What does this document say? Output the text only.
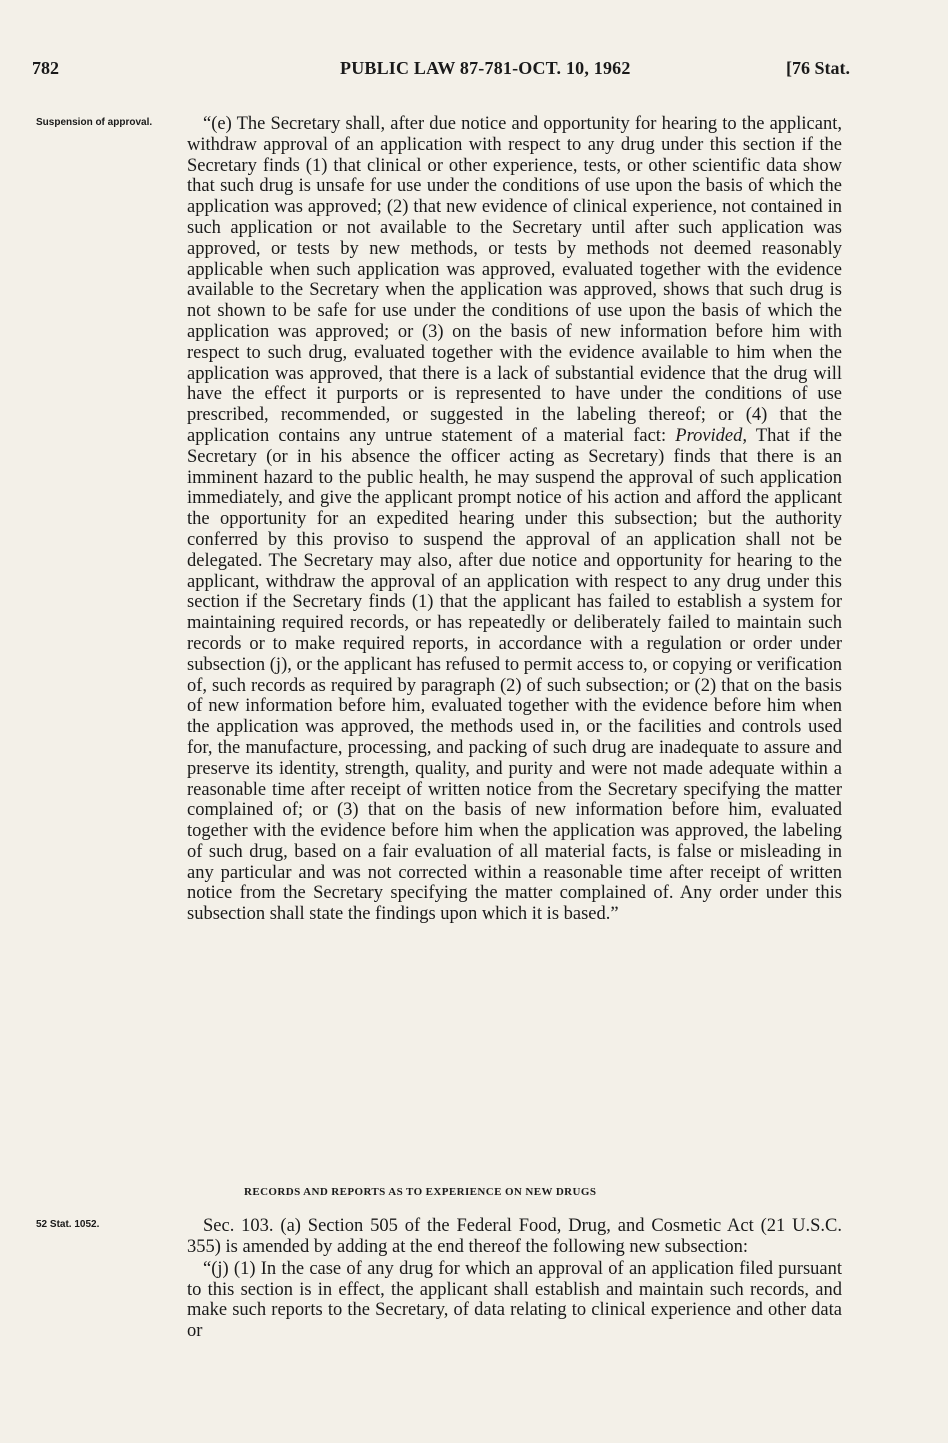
782	PUBLIC LAW 87-781-OCT. 10, 1962	[76 Stat.
Suspension of approval.	“(e) The Secretary shall, after due notice and opportunity for hearing to the applicant, withdraw approval of an application with respect to any drug under this section if the Secretary finds (1) that clinical or other experience, tests, or other scientific data show that such drug is unsafe for use under the conditions of use upon the basis of which the application was approved; (2) that new evidence of clinical experience, not contained in such application or not available to the Secretary until after such application was approved, or tests by new methods, or tests by methods not deemed reasonably applicable when such application was approved, evaluated together with the evidence available to the Secretary when the application was approved, shows that such drug is not shown to be safe for use under the conditions of use upon the basis of which the application was approved; or (3) on the basis of new information before him with respect to such drug, evaluated together with the evidence available to him when the application was approved, that there is a lack of substantial evidence that the drug will have the effect it purports or is represented to have under the conditions of use prescribed, recommended, or suggested in the labeling thereof; or (4) that the application contains any untrue statement of a material fact: Provided, That if the Secretary (or in his absence the officer acting as Secretary) finds that there is an imminent hazard to the public health, he may suspend the approval of such application immediately, and give the applicant prompt notice of his action and afford the applicant the opportunity for an expedited hearing under this subsection; but the authority conferred by this proviso to suspend the approval of an application shall not be delegated. The Secretary may also, after due notice and opportunity for hearing to the applicant, withdraw the approval of an application with respect to any drug under this section if the Secretary finds (1) that the applicant has failed to establish a system for maintaining required records, or has repeatedly or deliberately failed to maintain such records or to make required reports, in accordance with a regulation or order under subsection (j), or the applicant has refused to permit access to, or copying or verification of, such records as required by paragraph (2) of such subsection; or (2) that on the basis of new information before him, evaluated together with the evidence before him when the application was approved, the methods used in, or the facilities and controls used for, the manufacture, processing, and packing of such drug are inadequate to assure and preserve its identity, strength, quality, and purity and were not made adequate within a reasonable time after receipt of written notice from the Secretary specifying the matter complained of; or (3) that on the basis of new information before him, evaluated together with the evidence before him when the application was approved, the labeling of such drug, based on a fair evaluation of all material facts, is false or misleading in any particular and was not corrected within a reasonable time after receipt of written notice from the Secretary specifying the matter complained of. Any order under this subsection shall state the findings upon which it is based.”

RECORDS AND REPORTS AS TO EXPERIENCE ON NEW DRUGS
52 Stat. 1052.	Sec. 103. (a) Section 505 of the Federal Food, Drug, and Cosmetic Act (21 U.S.C. 355) is amended by adding at the end thereof the following new subsection:

“(j) (1) In the case of any drug for which an approval of an application filed pursuant to this section is in effect, the applicant shall establish and maintain such records, and make such reports to the Secretary, of data relating to clinical experience and other data or
